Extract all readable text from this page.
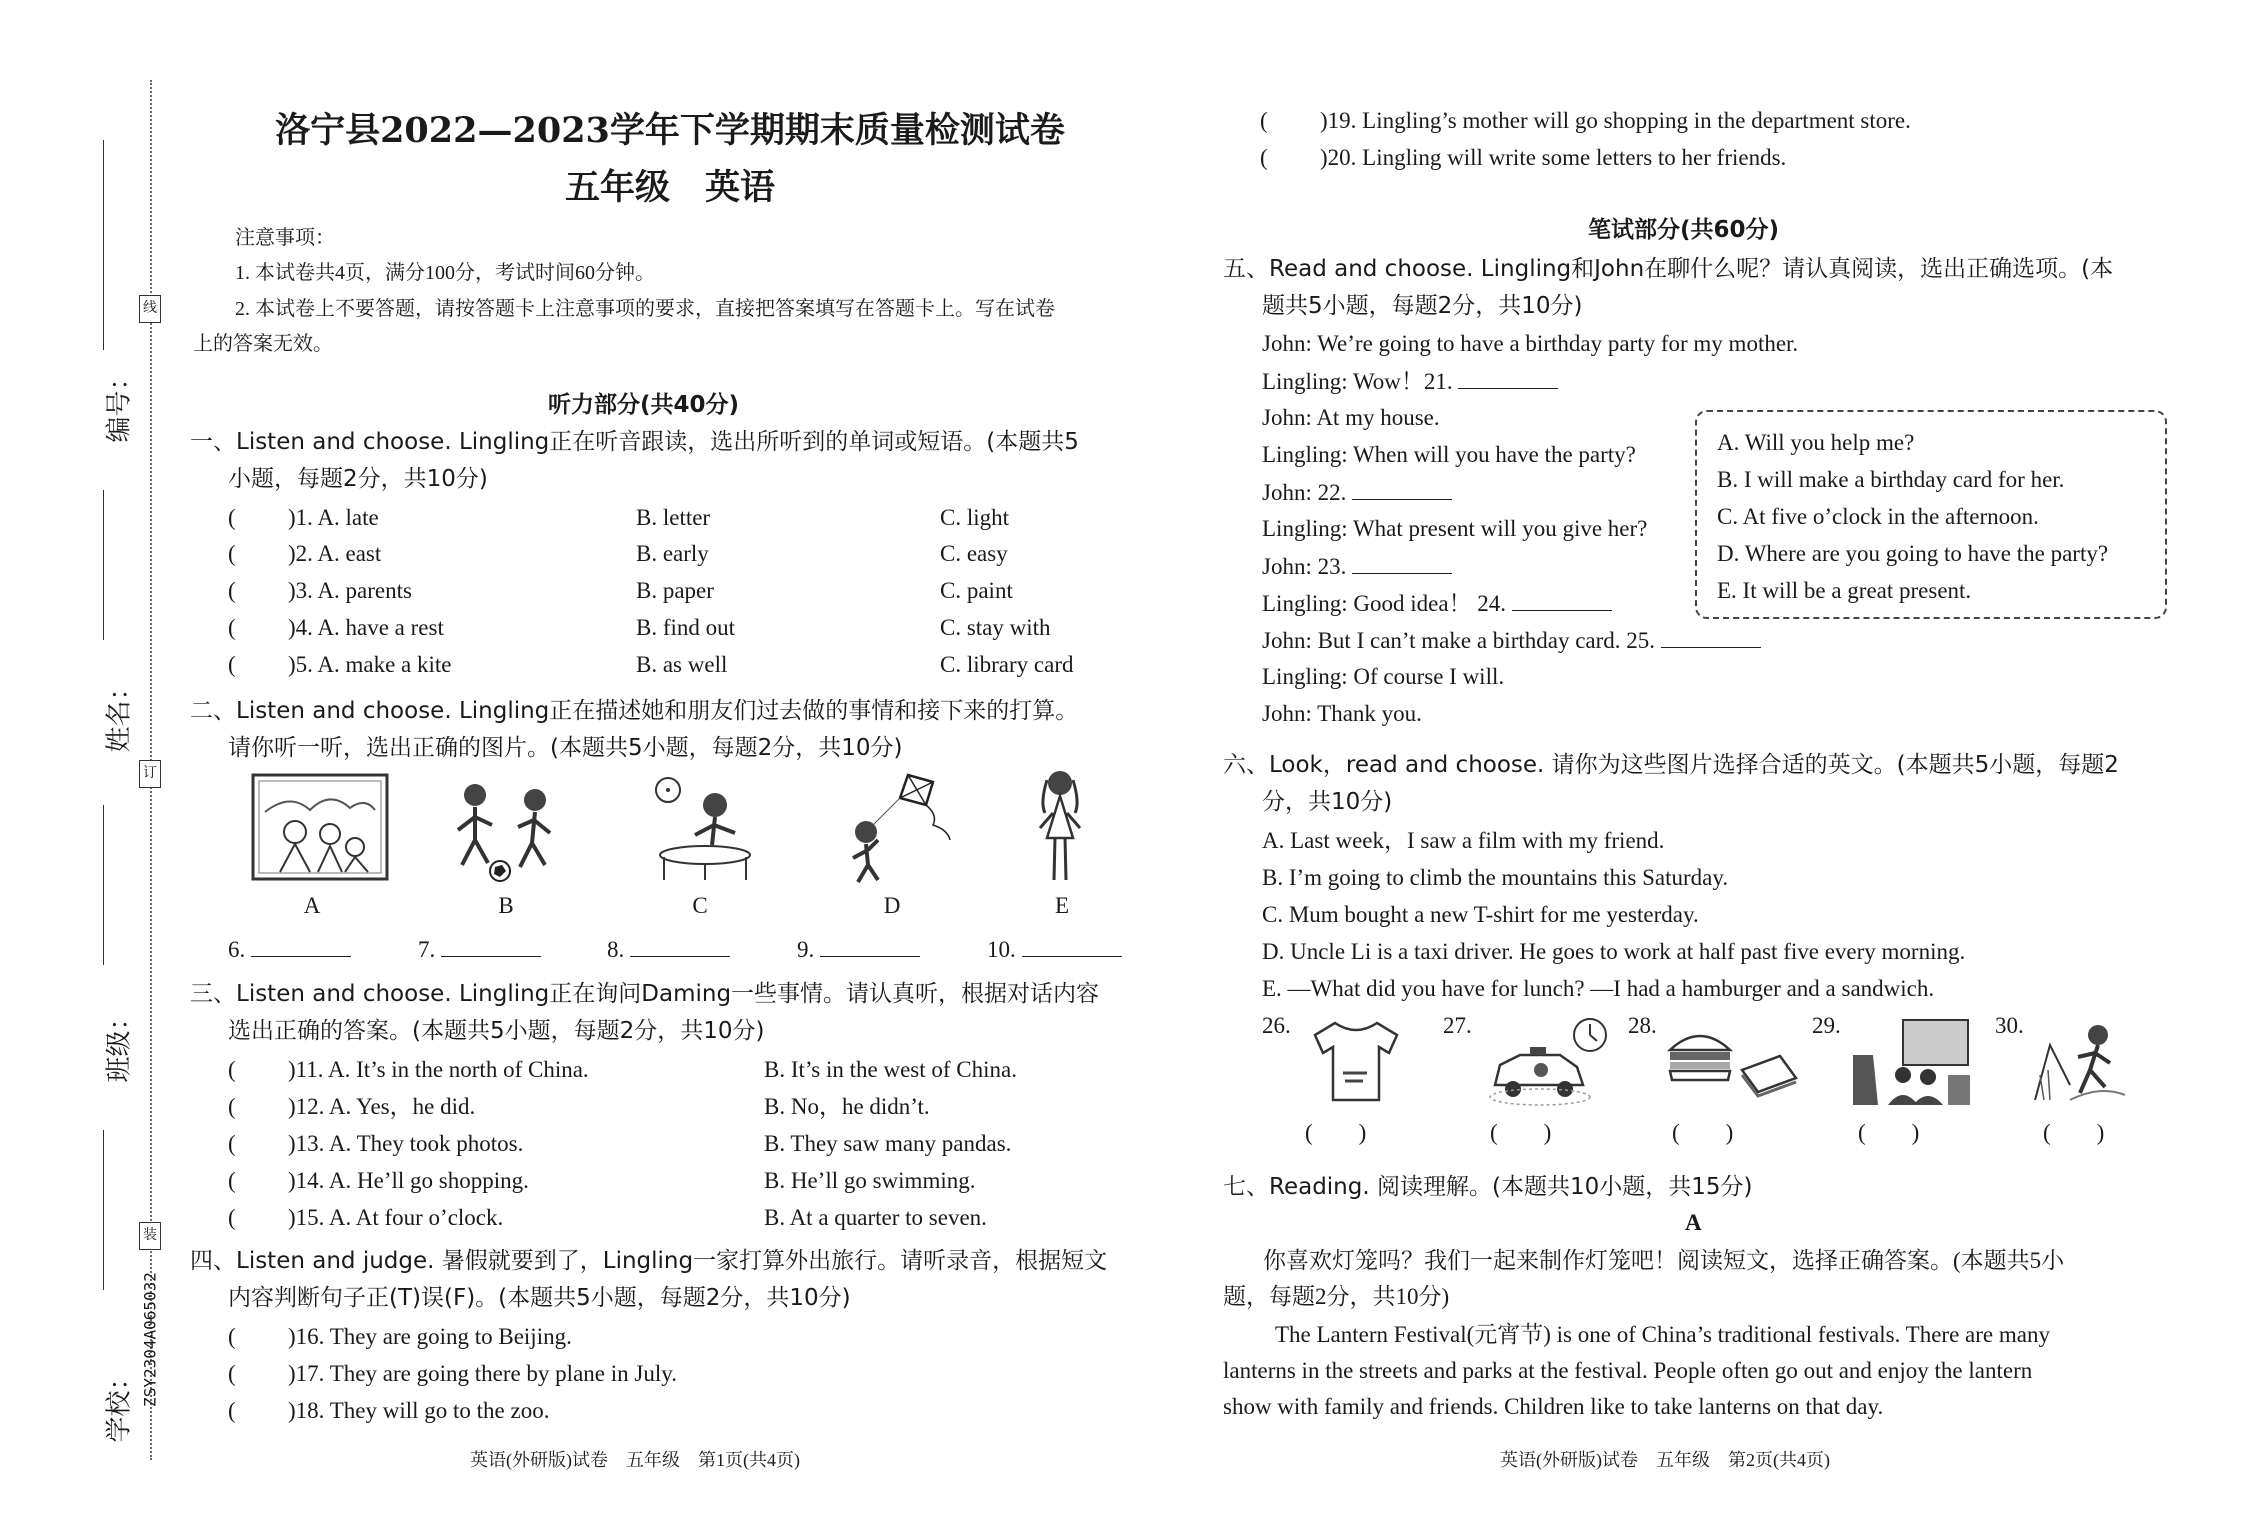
编号：
姓名：
班级：
学校：
线
订
装
ZSY2304A065032
洛宁县2022—2023学年下学期期末质量检测试卷
五年级　英语
注意事项：
1. 本试卷共4页，满分100分，考试时间60分钟。
2. 本试卷上不要答题，请按答题卡上注意事项的要求，直接把答案填写在答题卡上。写在试卷
上的答案无效。
听力部分(共40分)
一、Listen and choose. Lingling正在听音跟读，选出所听到的单词或短语。(本题共5
小题，每题2分，共10分)
( )1. A. late	B. letter	C. light
( )2. A. east	B. early	C. easy
( )3. A. parents	B. paper	C. paint
( )4. A. have a rest	B. find out	C. stay with
( )5. A. make a kite	B. as well	C. library card
二、Listen and choose. Lingling正在描述她和朋友们过去做的事情和接下来的打算。
请你听一听，选出正确的图片。(本题共5小题，每题2分，共10分)
A	B	C	D	E
6.	7.	8.	9.	10.
三、Listen and choose. Lingling正在询问Daming一些事情。请认真听，根据对话内容
选出正确的答案。(本题共5小题，每题2分，共10分)
( )11. A. It’s in the north of China.	B. It’s in the west of China.
( )12. A. Yes，he did.	B. No，he didn’t.
( )13. A. They took photos.	B. They saw many pandas.
( )14. A. He’ll go shopping.	B. He’ll go swimming.
( )15. A. At four o’clock.	B. At a quarter to seven.
四、Listen and judge. 暑假就要到了，Lingling一家打算外出旅行。请听录音，根据短文
内容判断句子正(T)误(F)。(本题共5小题，每题2分，共10分)
( )16. They are going to Beijing.
( )17. They are going there by plane in July.
( )18. They will go to the zoo.
英语(外研版)试卷　五年级　第1页(共4页)
( )19. Lingling’s mother will go shopping in the department store.
( )20. Lingling will write some letters to her friends.
笔试部分(共60分)
五、Read and choose. Lingling和John在聊什么呢？请认真阅读，选出正确选项。(本
题共5小题，每题2分，共10分)
John: We’re going to have a birthday party for my mother.
Lingling: Wow！21.
John: At my house.
Lingling: When will you have the party?
John: 22.
Lingling: What present will you give her?
John: 23.
Lingling: Good idea！ 24.
John: But I can’t make a birthday card. 25.
Lingling: Of course I will.
John: Thank you.
A. Will you help me?
B. I will make a birthday card for her.
C. At five o’clock in the afternoon.
D. Where are you going to have the party?
E. It will be a great present.
六、Look，read and choose. 请你为这些图片选择合适的英文。(本题共5小题，每题2
分，共10分)
A. Last week，I saw a film with my friend.
B. I’m going to climb the mountains this Saturday.
C. Mum bought a new T-shirt for me yesterday.
D. Uncle Li is a taxi driver. He goes to work at half past five every morning.
E. —What did you have for lunch? —I had a hamburger and a sandwich.
26.	27.	28.	29.	30.
(　　)	(　　)	(　　)	(　　)	(　　)
七、Reading. 阅读理解。(本题共10小题，共15分)
A
你喜欢灯笼吗？我们一起来制作灯笼吧！阅读短文，选择正确答案。(本题共5小
题，每题2分，共10分)
The Lantern Festival(元宵节) is one of China’s traditional festivals. There are many
lanterns in the streets and parks at the festival. People often go out and enjoy the lantern
show with family and friends. Children like to take lanterns on that day.
英语(外研版)试卷　五年级　第2页(共4页)
